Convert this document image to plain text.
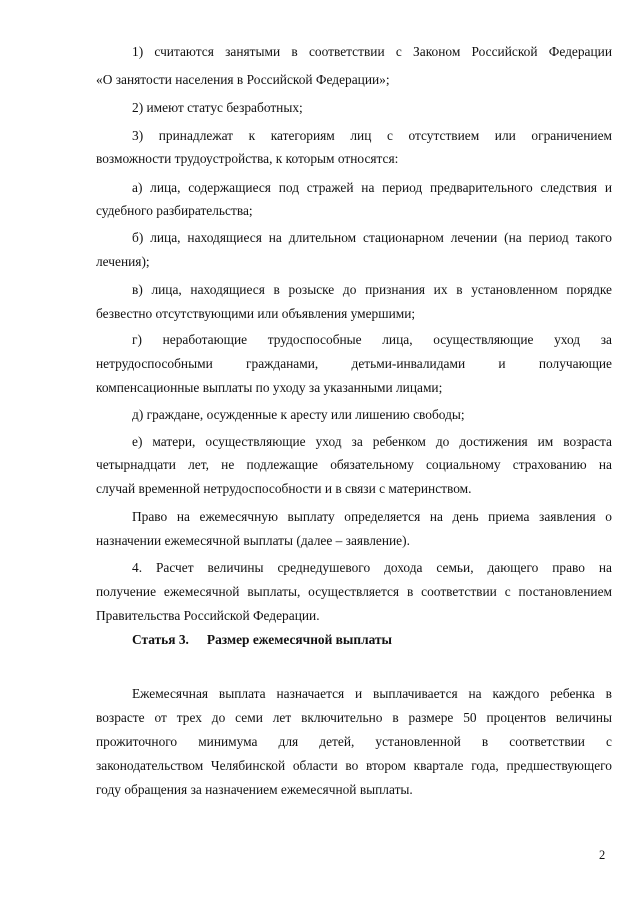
1) считаются занятыми в соответствии с Законом Российской Федерации
«О занятости населения в Российской Федерации»;
2) имеют статус безработных;
3) принадлежат к категориям лиц с отсутствием или ограничением
возможности трудоустройства, к которым относятся:
а) лица, содержащиеся под стражей на период предварительного следствия и
судебного разбирательства;
б) лица, находящиеся на длительном стационарном лечении (на период такого
лечения);
в) лица, находящиеся в розыске до признания их в установленном порядке
безвестно отсутствующими или объявления умершими;
г) неработающие трудоспособные лица, осуществляющие уход за
нетрудоспособными гражданами, детьми-инвалидами и получающие
компенсационные выплаты по уходу за указанными лицами;
д) граждане, осужденные к аресту или лишению свободы;
е) матери, осуществляющие уход за ребенком до достижения им возраста
четырнадцати лет, не подлежащие обязательному социальному страхованию на
случай временной нетрудоспособности и в связи с материнством.
Право на ежемесячную выплату определяется на день приема заявления о
назначении ежемесячной выплаты (далее – заявление).
4. Расчет величины среднедушевого дохода семьи, дающего право на
получение ежемесячной выплаты, осуществляется в соответствии с постановлением
Правительства Российской Федерации.
Статья 3. Размер ежемесячной выплаты
Ежемесячная выплата назначается и выплачивается на каждого ребенка в
возрасте от трех до семи лет включительно в размере 50 процентов величины
прожиточного минимума для детей, установленной в соответствии с
законодательством Челябинской области во втором квартале года, предшествующего
году обращения за назначением ежемесячной выплаты.
2
